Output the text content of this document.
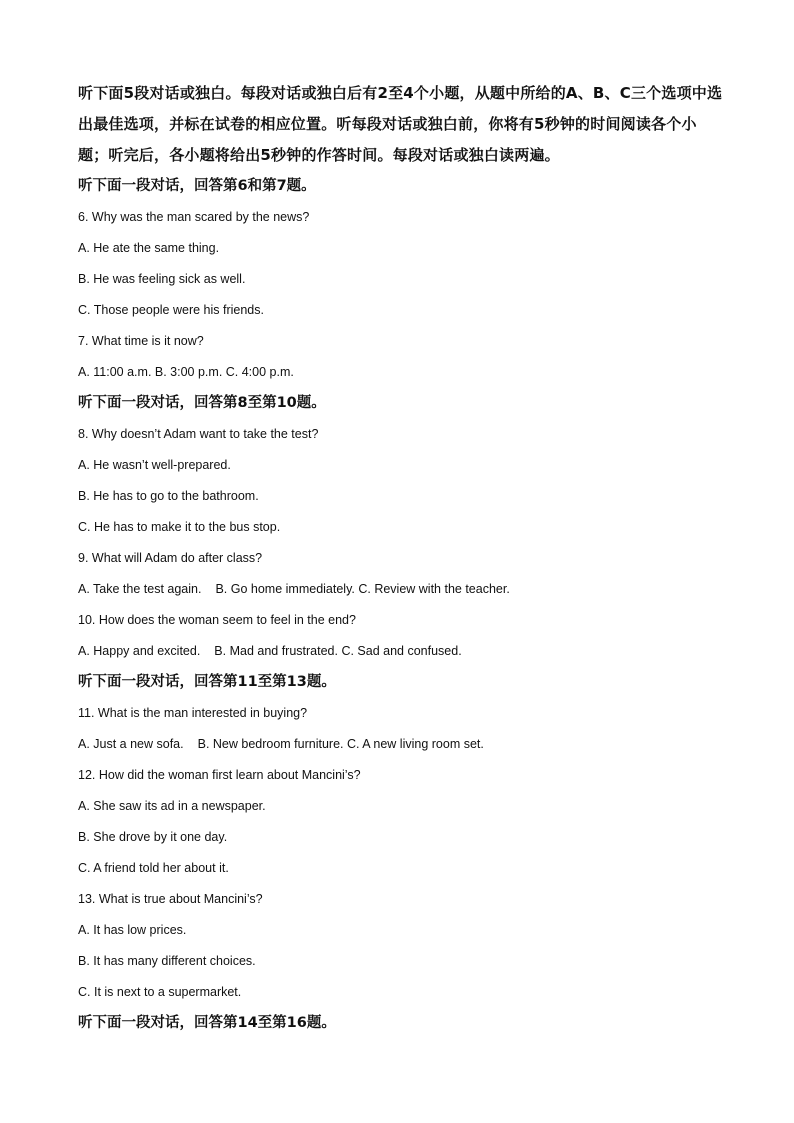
听下面5段对话或独白。每段对话或独白后有2至4个小题，从题中所给的A、B、C三个选项中选出最佳选项，并标在试卷的相应位置。听每段对话或独白前，你将有5秒钟的时间阅读各个小题；听完后，各小题将给出5秒钟的作答时间。每段对话或独白读两遍。

听下面一段对话，回答第6和第7题。

6. Why was the man scared by the news?

A. He ate the same thing.

B. He was feeling sick as well.

C. Those people were his friends.

7. What time is it now?

A. 11:00 a.m. B. 3:00 p.m. C. 4:00 p.m.

听下面一段对话，回答第8至第10题。

8. Why doesn’t Adam want to take the test?

A. He wasn’t well-prepared.

B. He has to go to the bathroom.

C. He has to make it to the bus stop.

9. What will Adam do after class?

A. Take the test again. B. Go home immediately. C. Review with the teacher.

10. How does the woman seem to feel in the end?

A. Happy and excited. B. Mad and frustrated. C. Sad and confused.

听下面一段对话，回答第11至第13题。

11. What is the man interested in buying?

A. Just a new sofa. B. New bedroom furniture. C. A new living room set.

12. How did the woman first learn about Mancini’s?

A. She saw its ad in a newspaper.

B. She drove by it one day.

C. A friend told her about it.

13. What is true about Mancini’s?

A. It has low prices.

B. It has many different choices.

C. It is next to a supermarket.

听下面一段对话，回答第14至第16题。
